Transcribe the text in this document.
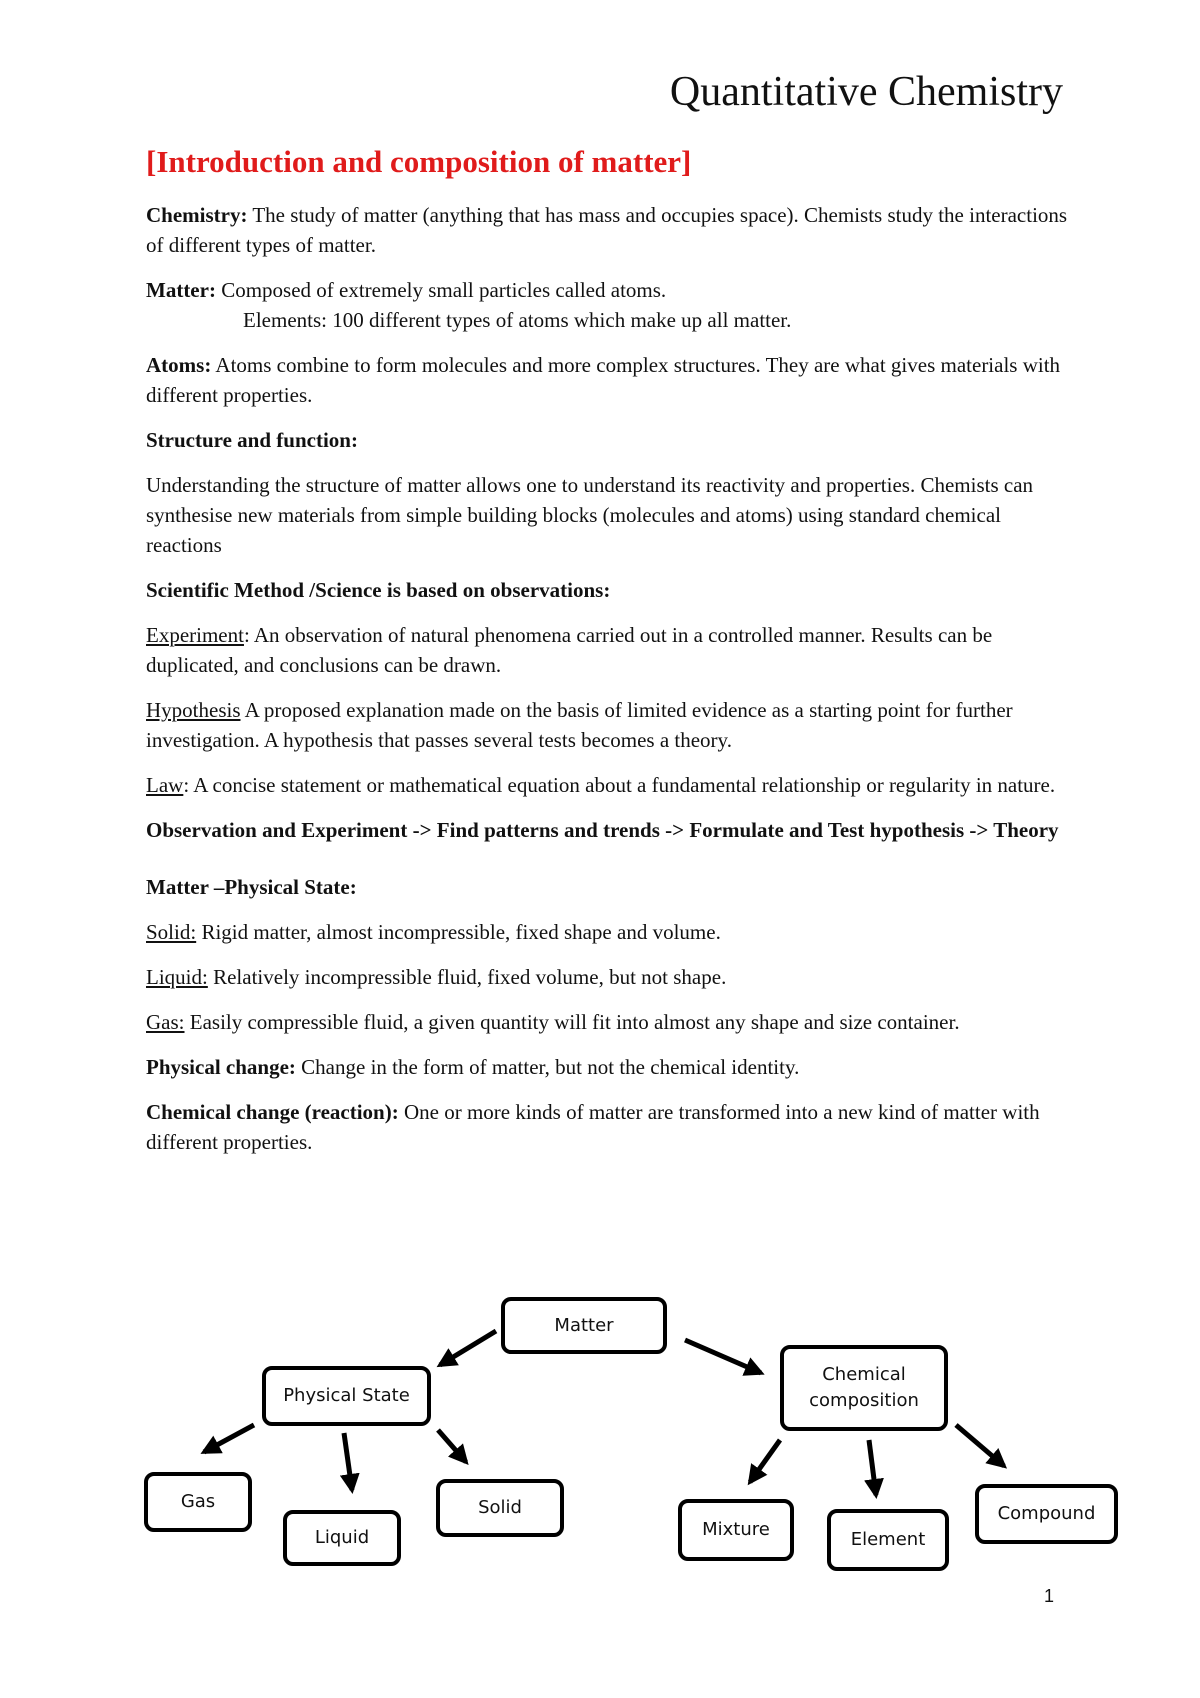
Quantitative Chemistry
[Introduction and composition of matter]

Chemistry: The study of matter (anything that has mass and occupies space). Chemists study the interactions of different types of matter.

Matter: Composed of extremely small particles called atoms.
Elements: 100 different types of atoms which make up all matter.

Atoms: Atoms combine to form molecules and more complex structures. They are what gives materials with different properties.

Structure and function:

Understanding the structure of matter allows one to understand its reactivity and properties. Chemists can synthesise new materials from simple building blocks (molecules and atoms) using standard chemical reactions

Scientific Method /Science is based on observations:

Experiment: An observation of natural phenomena carried out in a controlled manner. Results can be duplicated, and conclusions can be drawn.

Hypothesis A proposed explanation made on the basis of limited evidence as a starting point for further investigation. A hypothesis that passes several tests becomes a theory.

Law: A concise statement or mathematical equation about a fundamental relationship or regularity in nature.

Observation and Experiment -> Find patterns and trends -> Formulate and Test hypothesis -> Theory

Matter –Physical State:

Solid: Rigid matter, almost incompressible, fixed shape and volume.

Liquid: Relatively incompressible fluid, fixed volume, but not shape.

Gas: Easily compressible fluid, a given quantity will fit into almost any shape and size container.

Physical change: Change in the form of matter, but not the chemical identity.

Chemical change (reaction): One or more kinds of matter are transformed into a new kind of matter with different properties.

Matter
Physical State
Chemical
composition
Gas
Liquid
Solid
Mixture	Element
Compound
1
